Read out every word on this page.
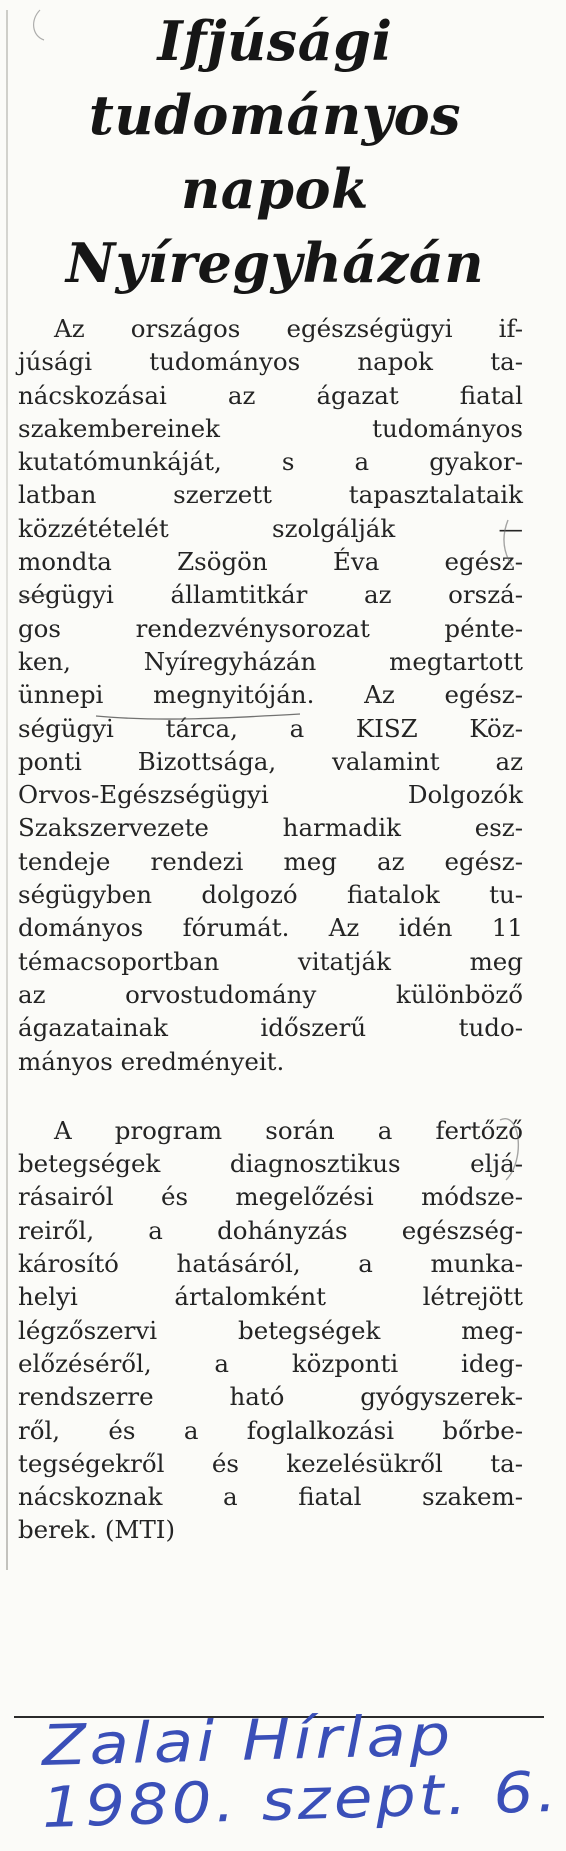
Ifjúsági
tudományos
napok
Nyíregyházán

Az országos egészségügyi if-
júsági tudományos napok ta-
nácskozásai az ágazat fiatal
szakembereinek tudományos
kutatómunkáját, s a gyakor-
latban szerzett tapasztalataik
közzétételét szolgálják —
mondta Zsögön Éva egész-
ségügyi államtitkár az orszá-
gos rendezvénysorozat pénte-
ken, Nyíregyházán megtartott
ünnepi megnyitóján. Az egész-
ségügyi tárca, a KISZ Köz-
ponti Bizottsága, valamint az
Orvos-Egészségügyi Dolgozók
Szakszervezete harmadik esz-
tendeje rendezi meg az egész-
ségügyben dolgozó fiatalok tu-
dományos fórumát. Az idén 11
témacsoportban vitatják meg
az orvostudomány különböző
ágazatainak időszerű tudo-
mányos eredményeit.

A program során a fertőző
betegségek diagnosztikus eljá-
rásairól és megelőzési módsze-
reiről, a dohányzás egészség-
károsító hatásáról, a munka-
helyi ártalomként létrejött
légzőszervi betegségek meg-
előzéséről, a központi ideg-
rendszerre ható gyógyszerek-
ről, és a foglalkozási bőrbe-
tegségekről és kezelésükről ta-
nácskoznak a fiatal szakem-
berek. (MTI)

Zalai Hírlap
1980. szept. 6.
